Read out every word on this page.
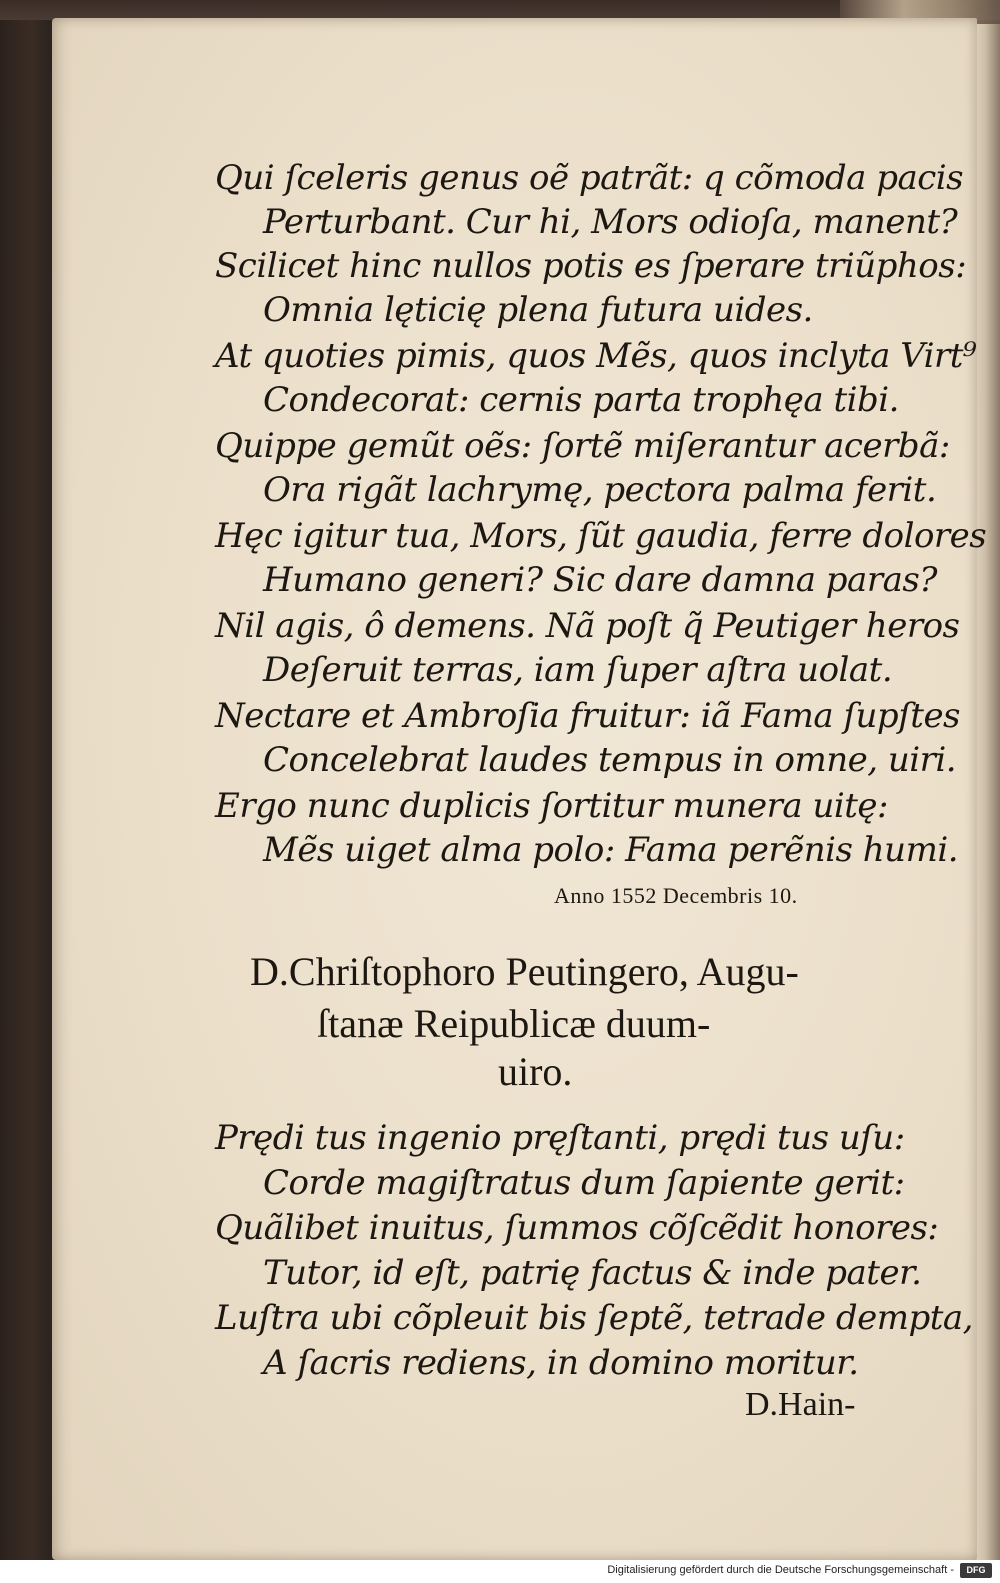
Qui ſceleris genus oẽ patrãt: q cõmoda pacis

Perturbant. Cur hi, Mors odioſa, manent?

Scilicet hinc nullos potis es ſperare triũphos:

Omnia lęticię plena futura uides.

At quoties pimis, quos Mẽs, quos inclyta Virt⁹

Condecorat: cernis parta trophęa tibi.

Quippe gemũt oẽs: ſortẽ miſerantur acerbã:

Ora rigãt lachrymę, pectora palma ferit.

Hęc igitur tua, Mors, ſũt gaudia, ferre dolores

Humano generi? Sic dare damna paras?

Nil agis, ô demens. Nã poſt q̃ Peutiger heros

Deſeruit terras, iam ſuper aſtra uolat.

Nectare et Ambroſia fruitur: iã Fama ſupſtes

Concelebrat laudes tempus in omne, uiri.

Ergo nunc duplicis ſortitur munera uitę:

Mẽs uiget alma polo: Fama perẽnis humi.

Anno 1552 Decembris 10.

D.Chriſtophoro Peutingero, Augu-

ſtanæ Reipublicæ duum-

uiro.

Prędi tus ingenio pręſtanti, prędi tus uſu:

Corde magiſtratus dum ſapiente gerit:

Quãlibet inuitus, ſummos cõſcẽdit honores:

Tutor, id eſt, patrię factus & inde pater.

Luſtra ubi cõpleuit bis ſeptẽ, tetrade dempta,

A ſacris rediens, in domino moritur.

D.Hain-

Digitalisierung gefördert durch die Deutsche Forschungsgemeinschaft -	DFG
